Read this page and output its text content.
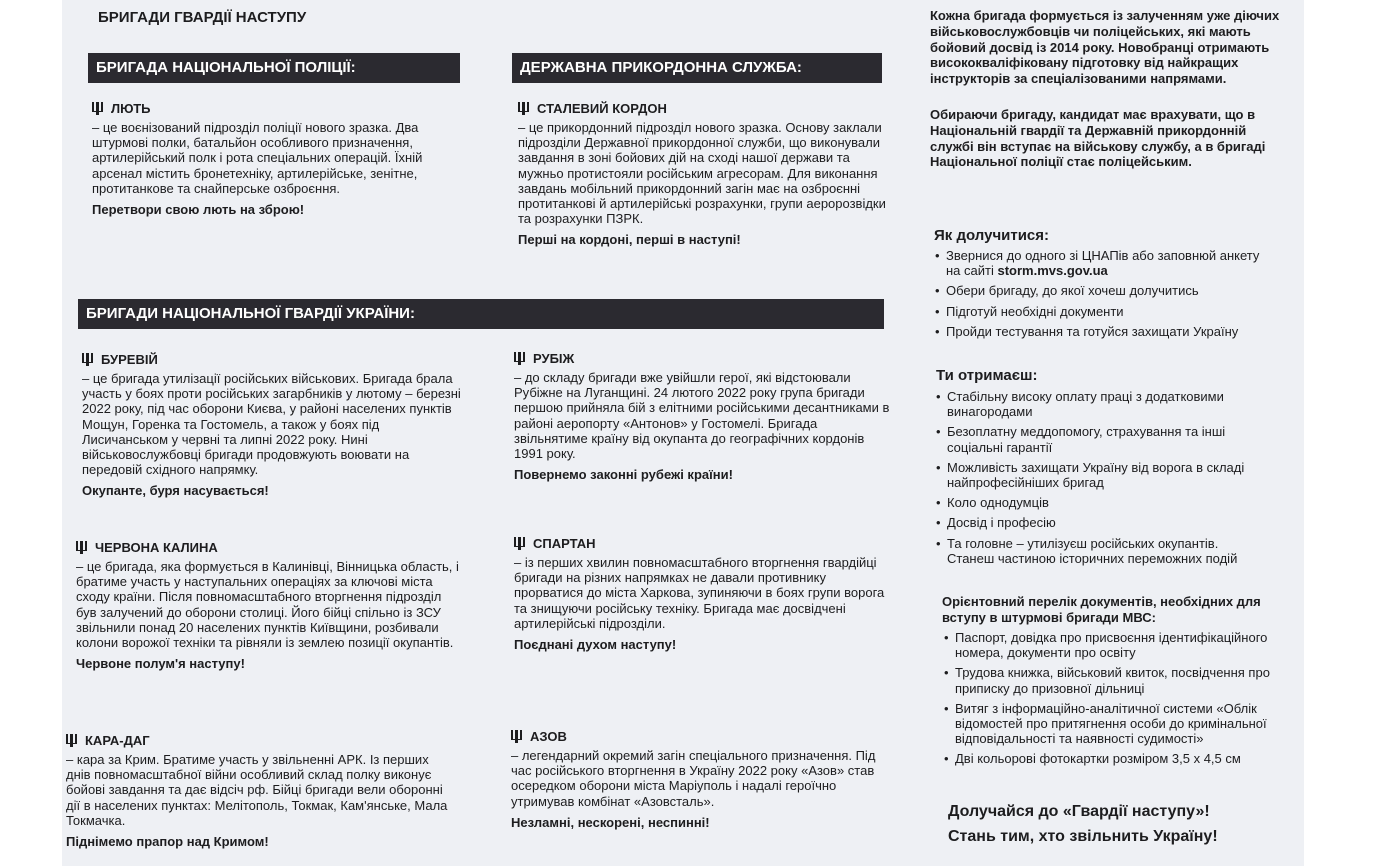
БРИГАДИ ГВАРДІЇ НАСТУПУ
БРИГАДА НАЦІОНАЛЬНОЇ ПОЛІЦІЇ:	ДЕРЖАВНА ПРИКОРДОННА СЛУЖБА:
БРИГАДИ НАЦІОНАЛЬНОЇ ГВАРДІЇ УКРАЇНИ:
ЛЮТЬ
– це воєнізований підрозділ поліції нового зразка. Два штурмові полки, батальйон особливого призначення, артилерійський полк і рота спеціальних операцій. Їхній арсенал містить бронетехніку, артилерійське, зенітне, протитанкове та снайперське озброєння.
Перетвори свою лють на зброю!
СТАЛЕВИЙ КОРДОН
– це прикордонний підрозділ нового зразка. Основу заклали підрозділи Державної прикордонної служби, що виконували завдання в зоні бойових дій на сході нашої держави та мужньо протистояли російським агресорам. Для виконання завдань мобільний прикордонний загін має на озброєнні протитанкові й артилерійські розрахунки, групи аеророзвідки та розрахунки ПЗРК.
Перші на кордоні, перші в наступі!
БУРЕВІЙ
– це бригада утилізації російських військових. Бригада брала участь у боях проти російських загарбників у лютому – березні 2022 року, під час оборони Києва, у районі населених пунктів Мощун, Горенка та Гостомель, а також у боях під Лисичанськом у червні та липні 2022 року. Нині військовослужбовці бригади продовжують воювати на передовій східного напрямку.
Окупанте, буря насувається!
РУБІЖ
– до складу бригади вже увійшли герої, які відстоювали Рубіжне на Луганщині. 24 лютого 2022 року група бригади першою прийняла бій з елітними російськими десантниками в районі аеропорту «Антонов» у Гостомелі. Бригада звільнятиме країну від окупанта до географічних кордонів 1991 року.
Повернемо законні рубежі країни!
ЧЕРВОНА КАЛИНА
– це бригада, яка формується в Калинівці, Вінницька область, і братиме участь у наступальних операціях за ключові міста сходу країни. Після повномасштабного вторгнення підрозділ був залучений до оборони столиці. Його бійці спільно із ЗСУ звільнили понад 20 населених пунктів Київщини, розбивали колони ворожої техніки та рівняли із землею позиції окупантів.
Червоне полум'я наступу!
СПАРТАН
– із перших хвилин повномасштабного вторгнення гвардійці бригади на різних напрямках не давали противнику прорватися до міста Харкова, зупиняючи в боях групи ворога та знищуючи російську техніку. Бригада має досвідчені артилерійські підрозділи.
Поєднані духом наступу!
КАРА-ДАГ
– кара за Крим. Братиме участь у звільненні АРК. Із перших днів повномасштабної війни особливий склад полку виконує бойові завдання та дає відсіч рф. Бійці бригади вели оборонні дії в населених пунктах: Мелітополь, Токмак, Кам'янське, Мала Токмачка.
Піднімемо прапор над Кримом!
АЗОВ
– легендарний окремий загін спеціального призначення. Під час російського вторгнення в Україну 2022 року «Азов» став осередком оборони міста Маріуполь і надалі героїчно утримував комбінат «Азовсталь».
Незламні, нескорені, неспинні!
Кожна бригада формується із залученням уже діючих військовослужбовців чи поліцейських, які мають бойовий досвід із 2014 року. Новобранці отримають висококваліфіковану підготовку від найкращих інструкторів за спеціалізованими напрямами.
Обираючи бригаду, кандидат має врахувати, що в Національній гвардії та Державній прикордонній службі він вступає на військову службу, а в бригаді Національної поліції стає поліцейським.
Як долучитися:
• Звернися до одного зі ЦНАПів або заповнюй анкету
на сайті storm.mvs.gov.ua
• Обери бригаду, до якої хочеш долучитись
• Підготуй необхідні документи
• Пройди тестування та готуйся захищати Україну
Ти отримаєш:
• Стабільну високу оплату праці з додатковими
винагородами
• Безоплатну меддопомогу, страхування та інші
соціальні гарантії
• Можливість захищати Україну від ворога в складі
найпрофесійніших бригад
• Коло однодумців
• Досвід і професію
• Та головне – утилізуєш російських окупантів.
Станеш частиною історичних переможних подій
Орієнтовний перелік документів, необхідних для вступу в штурмові бригади МВС:
• Паспорт, довідка про присвоєння ідентифікаційного
номера, документи про освіту
• Трудова книжка, військовий квиток, посвідчення про
приписку до призовної дільниці
• Витяг з інформаційно-аналітичної системи «Облік
відомостей про притягнення особи до кримінальної
відповідальності та наявності судимості»
• Дві кольорові фотокартки розміром 3,5 х 4,5 см
Долучайся до «Гвардії наступу»!
Стань тим, хто звільнить Україну!
